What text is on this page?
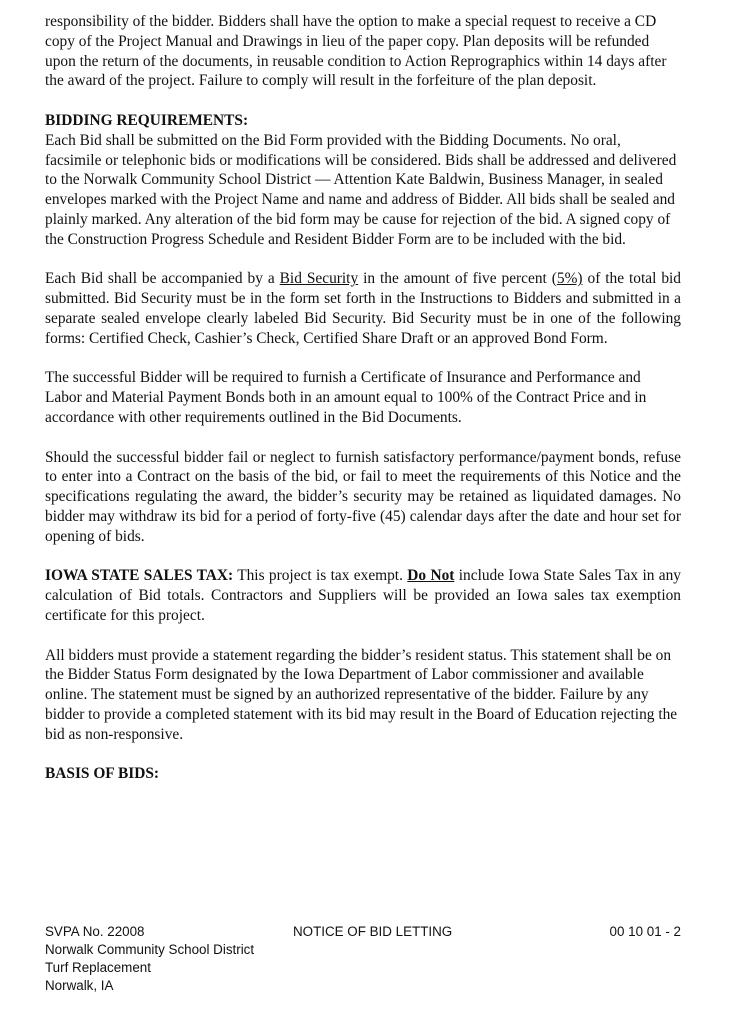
responsibility of the bidder. Bidders shall have the option to make a special request to receive a CD copy of the Project Manual and Drawings in lieu of the paper copy. Plan deposits will be refunded upon the return of the documents, in reusable condition to Action Reprographics within 14 days after the award of the project. Failure to comply will result in the forfeiture of the plan deposit.

BIDDING REQUIREMENTS:
Each Bid shall be submitted on the Bid Form provided with the Bidding Documents. No oral, facsimile or telephonic bids or modifications will be considered. Bids shall be addressed and delivered to the Norwalk Community School District — Attention Kate Baldwin, Business Manager, in sealed envelopes marked with the Project Name and name and address of Bidder. All bids shall be sealed and plainly marked. Any alteration of the bid form may be cause for rejection of the bid. A signed copy of the Construction Progress Schedule and Resident Bidder Form are to be included with the bid.

Each Bid shall be accompanied by a Bid Security in the amount of five percent (5%) of the total bid submitted. Bid Security must be in the form set forth in the Instructions to Bidders and submitted in a separate sealed envelope clearly labeled Bid Security. Bid Security must be in one of the following forms: Certified Check, Cashier’s Check, Certified Share Draft or an approved Bond Form.

The successful Bidder will be required to furnish a Certificate of Insurance and Performance and Labor and Material Payment Bonds both in an amount equal to 100% of the Contract Price and in accordance with other requirements outlined in the Bid Documents.

Should the successful bidder fail or neglect to furnish satisfactory performance/payment bonds, refuse to enter into a Contract on the basis of the bid, or fail to meet the requirements of this Notice and the specifications regulating the award, the bidder’s security may be retained as liquidated damages. No bidder may withdraw its bid for a period of forty-five (45) calendar days after the date and hour set for opening of bids.

IOWA STATE SALES TAX: This project is tax exempt. Do Not include Iowa State Sales Tax in any calculation of Bid totals. Contractors and Suppliers will be provided an Iowa sales tax exemption certificate for this project.

All bidders must provide a statement regarding the bidder’s resident status. This statement shall be on the Bidder Status Form designated by the Iowa Department of Labor commissioner and available online. The statement must be signed by an authorized representative of the bidder. Failure by any bidder to provide a completed statement with its bid may result in the Board of Education rejecting the bid as non-responsive.

BASIS OF BIDS:

SVPA No. 22008
Norwalk Community School District
Turf Replacement
Norwalk, IA
NOTICE OF BID LETTING	00 10 01 - 2
